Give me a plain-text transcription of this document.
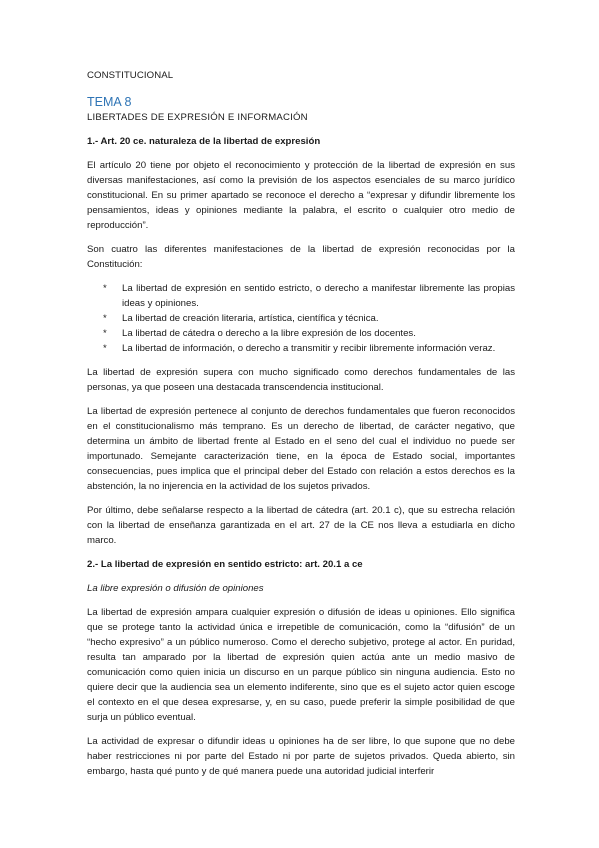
CONSTITUCIONAL
TEMA 8
LIBERTADES DE EXPRESIÓN E INFORMACIÓN
1.- Art. 20 ce. naturaleza de la libertad de expresión

El artículo 20 tiene por objeto el reconocimiento y protección de la libertad de expresión en sus diversas manifestaciones, así como la previsión de los aspectos esenciales de su marco jurídico constitucional. En su primer apartado se reconoce el derecho a “expresar y difundir libremente los pensamientos, ideas y opiniones mediante la palabra, el escrito o cualquier otro medio de reproducción”.

Son cuatro las diferentes manifestaciones de la libertad de expresión reconocidas por la Constitución:

* La libertad de expresión en sentido estricto, o derecho a manifestar libremente las propias ideas y opiniones.
* La libertad de creación literaria, artística, científica y técnica.
* La libertad de cátedra o derecho a la libre expresión de los docentes.
* La libertad de información, o derecho a transmitir y recibir libremente información veraz.

La libertad de expresión supera con mucho significado como derechos fundamentales de las personas, ya que poseen una destacada transcendencia institucional.

La libertad de expresión pertenece al conjunto de derechos fundamentales que fueron reconocidos en el constitucionalismo más temprano. Es un derecho de libertad, de carácter negativo, que determina un ámbito de libertad frente al Estado en el seno del cual el individuo no puede ser importunado. Semejante caracterización tiene, en la época de Estado social, importantes consecuencias, pues implica que el principal deber del Estado con relación a estos derechos es la abstención, la no injerencia en la actividad de los sujetos privados.

Por último, debe señalarse respecto a la libertad de cátedra (art. 20.1 c), que su estrecha relación con la libertad de enseñanza garantizada en el art. 27 de la CE nos lleva a estudiarla en dicho marco.

2.- La libertad de expresión en sentido estricto: art. 20.1 a ce
La libre expresión o difusión de opiniones

La libertad de expresión ampara cualquier expresión o difusión de ideas u opiniones. Ello significa que se protege tanto la actividad única e irrepetible de comunicación, como la “difusión” de un “hecho expresivo” a un público numeroso. Como el derecho subjetivo, protege al actor. En puridad, resulta tan amparado por la libertad de expresión quien actúa ante un medio masivo de comunicación como quien inicia un discurso en un parque público sin ninguna audiencia. Esto no quiere decir que la audiencia sea un elemento indiferente, sino que es el sujeto actor quien escoge el contexto en el que desea expresarse, y, en su caso, puede preferir la simple posibilidad de que surja un público eventual.

La actividad de expresar o difundir ideas u opiniones ha de ser libre, lo que supone que no debe haber restricciones ni por parte del Estado ni por parte de sujetos privados. Queda abierto, sin embargo, hasta qué punto y de qué manera puede una autoridad judicial interferir
